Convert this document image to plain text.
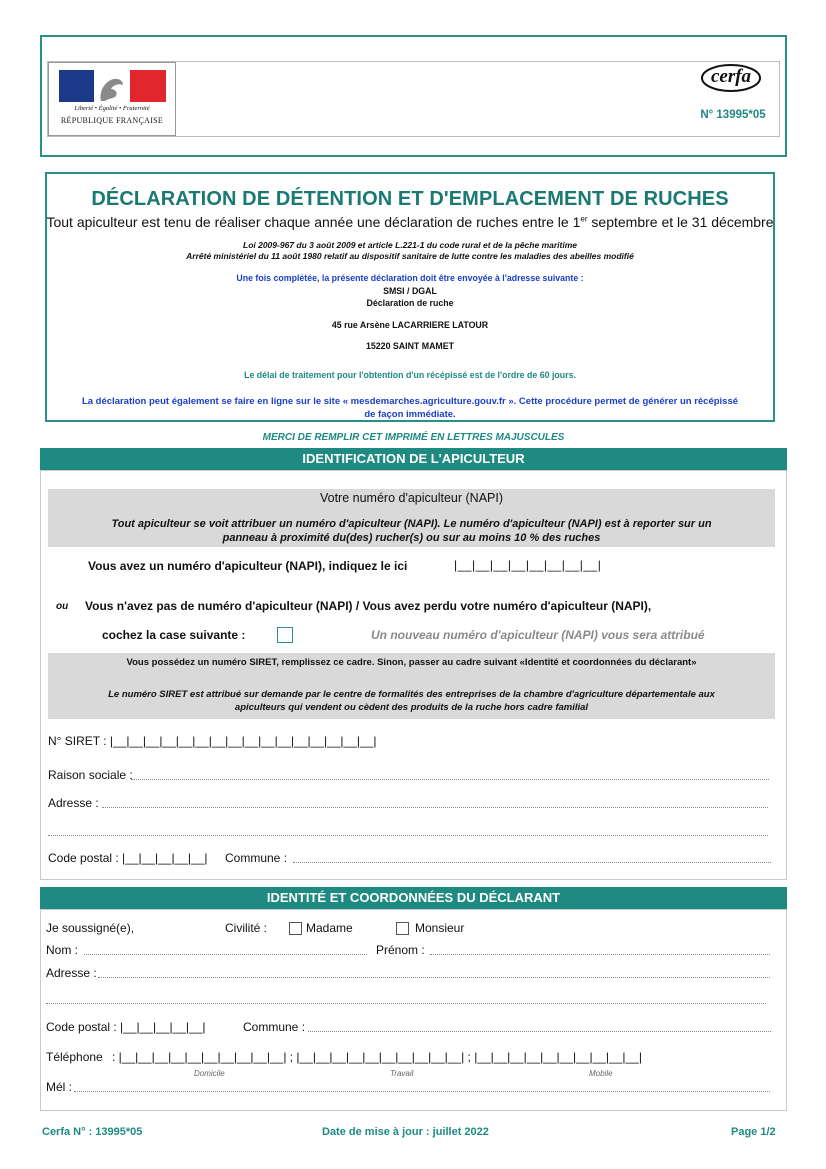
Liberté • Égalité • Fraternité
RÉPUBLIQUE FRANÇAISE
cerfa
N° 13995*05
DÉCLARATION DE DÉTENTION ET D'EMPLACEMENT DE RUCHES
Tout apiculteur est tenu de réaliser chaque année une déclaration de ruches entre le 1er septembre et le 31 décembre
Loi 2009-967 du 3 août 2009 et article L.221-1 du code rural et de la pêche maritime
Arrêté ministériel du 11 août 1980 relatif au dispositif sanitaire de lutte contre les maladies des abeilles modifié
Une fois complétée, la présente déclaration doit être envoyée à l'adresse suivante :
SMSI / DGAL
Déclaration de ruche
45 rue Arsène LACARRIERE LATOUR
15220 SAINT MAMET
Le délai de traitement pour l'obtention d'un récépissé est de l'ordre de 60 jours.
La déclaration peut également se faire en ligne sur le site « mesdemarches.agriculture.gouv.fr ». Cette procédure permet de générer un récépissé
de façon immédiate.
MERCI DE REMPLIR CET IMPRIMÉ EN LETTRES MAJUSCULES
IDENTIFICATION DE L'APICULTEUR
Votre numéro d'apiculteur (NAPI)
Tout apiculteur se voit attribuer un numéro d'apiculteur (NAPI). Le numéro d'apiculteur (NAPI) est à reporter sur un
panneau à proximité du(des) rucher(s) ou sur au moins 10 % des ruches
Vous avez un numéro d'apiculteur (NAPI), indiquez le ici	|__|__|__|__|__|__|__|__|
ou Vous n'avez pas de numéro d'apiculteur (NAPI) / Vous avez perdu votre numéro d'apiculteur (NAPI),
cochez la case suivante :	Un nouveau numéro d'apiculteur (NAPI) vous sera attribué
Vous possédez un numéro SIRET, remplissez ce cadre. Sinon, passer au cadre suivant «Identité et coordonnées du déclarant»
Le numéro SIRET est attribué sur demande par le centre de formalités des entreprises de la chambre d'agriculture départementale aux
apiculteurs qui vendent ou cèdent des produits de la ruche hors cadre familial
N° SIRET : |__|__|__|__|__|__|__|__|__|__|__|__|__|__|__|__|
Raison sociale :
Adresse :
Code postal : |__|__|__|__|__| Commune :
IDENTITÉ ET COORDONNÉES DU DÉCLARANT
Je soussigné(e),	Civilité :	Madame	Monsieur
Nom :	Prénom :
Adresse :
Code postal : |__|__|__|__|__|	Commune :
Téléphone : |__|__|__|__|__|__|__|__|__|__| ; |__|__|__|__|__|__|__|__|__|__| ; |__|__|__|__|__|__|__|__|__|__|
Domicile	Travail	Mobile
Mél :
Cerfa N° : 13995*05	Date de mise à jour : juillet 2022	Page 1/2
